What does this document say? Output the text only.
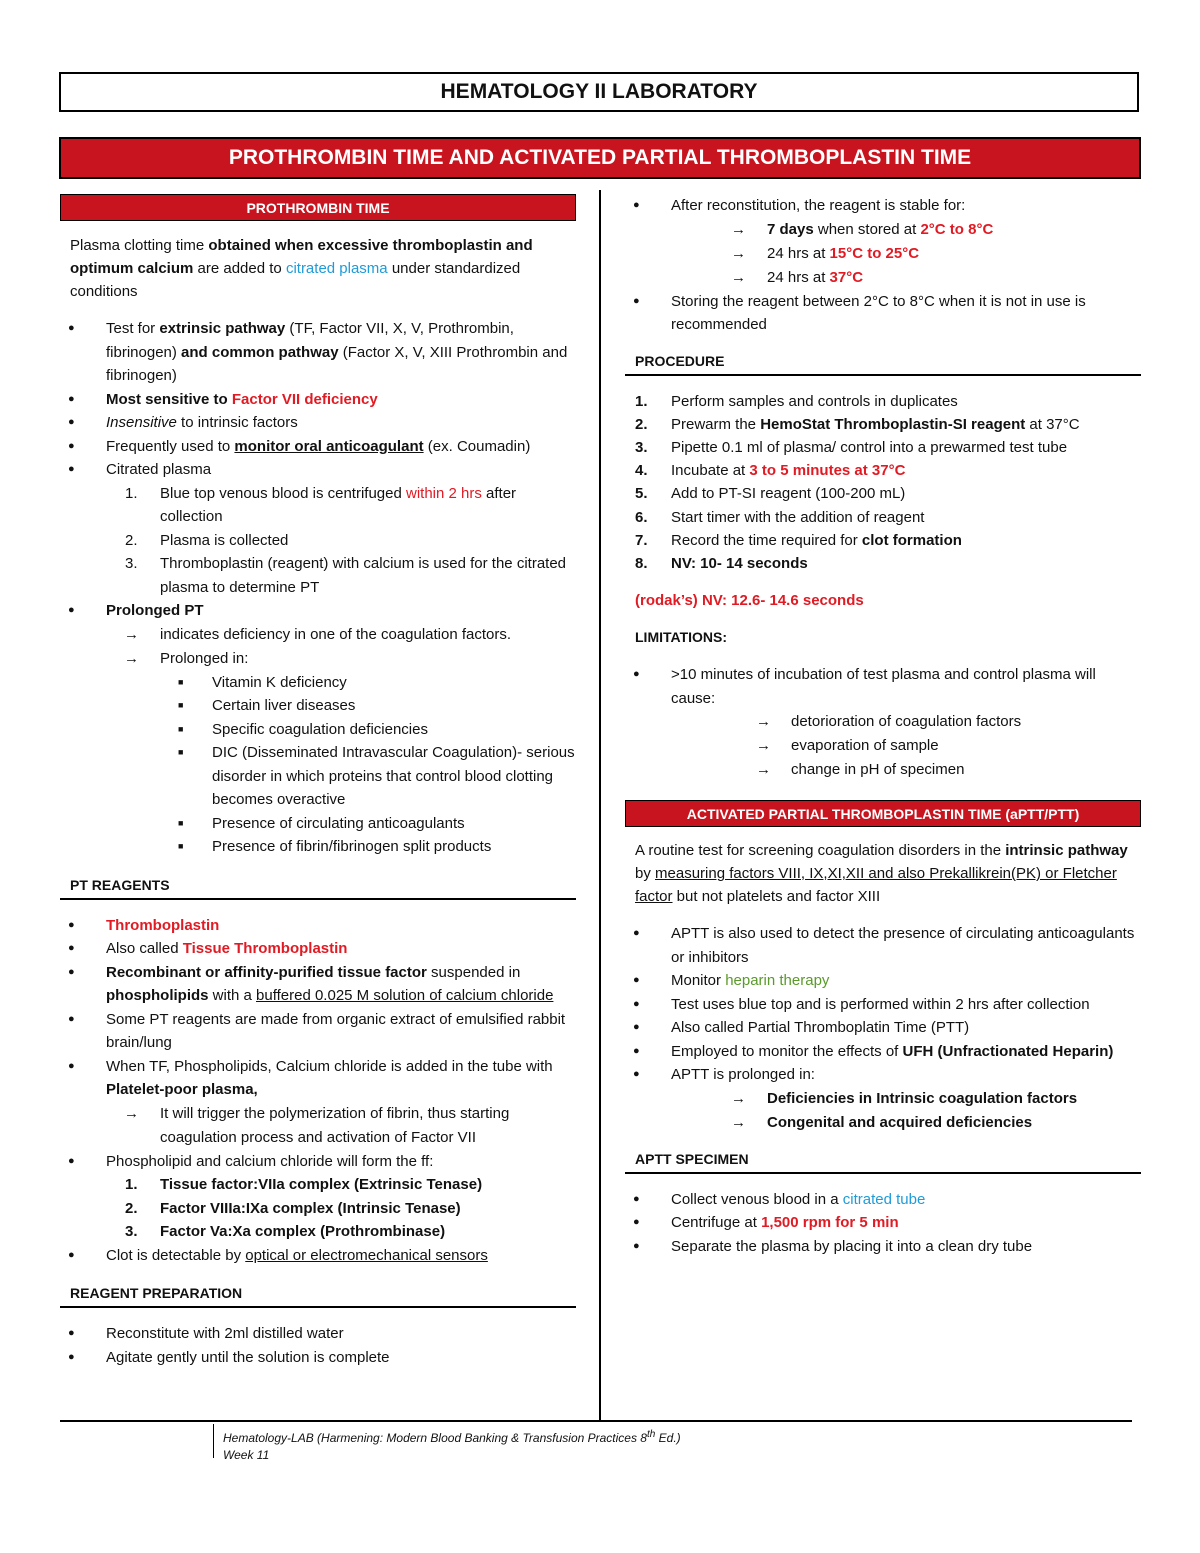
HEMATOLOGY II LABORATORY
PROTHROMBIN TIME AND ACTIVATED PARTIAL THROMBOPLASTIN TIME
PROTHROMBIN TIME
Plasma clotting time obtained when excessive thromboplastin and optimum calcium are added to citrated plasma under standardized conditions
● Test for extrinsic pathway (TF, Factor VII, X, V, Prothrombin, fibrinogen) and common pathway (Factor X, V, XIII Prothrombin and fibrinogen)
● Most sensitive to Factor VII deficiency
● Insensitive to intrinsic factors
● Frequently used to monitor oral anticoagulant (ex. Coumadin)
● Citrated plasma
1. Blue top venous blood is centrifuged within 2 hrs after collection
2. Plasma is collected
3. Thromboplastin (reagent) with calcium is used for the citrated plasma to determine PT
● Prolonged PT
→ indicates deficiency in one of the coagulation factors.
→ Prolonged in:
■ Vitamin K deficiency
■ Certain liver diseases
■ Specific coagulation deficiencies
■ DIC (Disseminated Intravascular Coagulation)- serious disorder in which proteins that control blood clotting becomes overactive
■ Presence of circulating anticoagulants
■ Presence of fibrin/fibrinogen split products
PT REAGENTS
● Thromboplastin
● Also called Tissue Thromboplastin
● Recombinant or affinity-purified tissue factor suspended in phospholipids with a buffered 0.025 M solution of calcium chloride
● Some PT reagents are made from organic extract of emulsified rabbit brain/lung
● When TF, Phospholipids, Calcium chloride is added in the tube with Platelet-poor plasma,
→ It will trigger the polymerization of fibrin, thus starting coagulation process and activation of Factor VII
● Phospholipid and calcium chloride will form the ff:
1. Tissue factor:VIIa complex (Extrinsic Tenase)
2. Factor VIIIa:IXa complex (Intrinsic Tenase)
3. Factor Va:Xa complex (Prothrombinase)
● Clot is detectable by optical or electromechanical sensors
REAGENT PREPARATION
● Reconstitute with 2ml distilled water
● Agitate gently until the solution is complete
● After reconstitution, the reagent is stable for:
→ 7 days when stored at 2°C to 8°C
→ 24 hrs at 15°C to 25°C
→ 24 hrs at 37°C
● Storing the reagent between 2°C to 8°C when it is not in use is recommended
PROCEDURE
1. Perform samples and controls in duplicates
2. Prewarm the HemoStat Thromboplastin-SI reagent at 37°C
3. Pipette 0.1 ml of plasma/ control into a prewarmed test tube
4. Incubate at 3 to 5 minutes at 37°C
5. Add to PT-SI reagent (100-200 mL)
6. Start timer with the addition of reagent
7. Record the time required for clot formation
8. NV: 10- 14 seconds
(rodak’s) NV: 12.6- 14.6 seconds
LIMITATIONS:
● >10 minutes of incubation of test plasma and control plasma will cause:
→ detorioration of coagulation factors
→ evaporation of sample
→ change in pH of specimen
ACTIVATED PARTIAL THROMBOPLASTIN TIME (aPTT/PTT)
A routine test for screening coagulation disorders in the intrinsic pathway by measuring factors VIII, IX,XI,XII and also Prekallikrein(PK) or Fletcher factor but not platelets and factor XIII
● APTT is also used to detect the presence of circulating anticoagulants or inhibitors
● Monitor heparin therapy
● Test uses blue top and is performed within 2 hrs after collection
● Also called Partial Thromboplatin Time (PTT)
● Employed to monitor the effects of UFH (Unfractionated Heparin)
● APTT is prolonged in:
→ Deficiencies in Intrinsic coagulation factors
→ Congenital and acquired deficiencies
APTT SPECIMEN
● Collect venous blood in a citrated tube
● Centrifuge at 1,500 rpm for 5 min
● Separate the plasma by placing it into a clean dry tube
Hematology-LAB (Harmening: Modern Blood Banking & Transfusion Practices 8th Ed.)
Week 11
